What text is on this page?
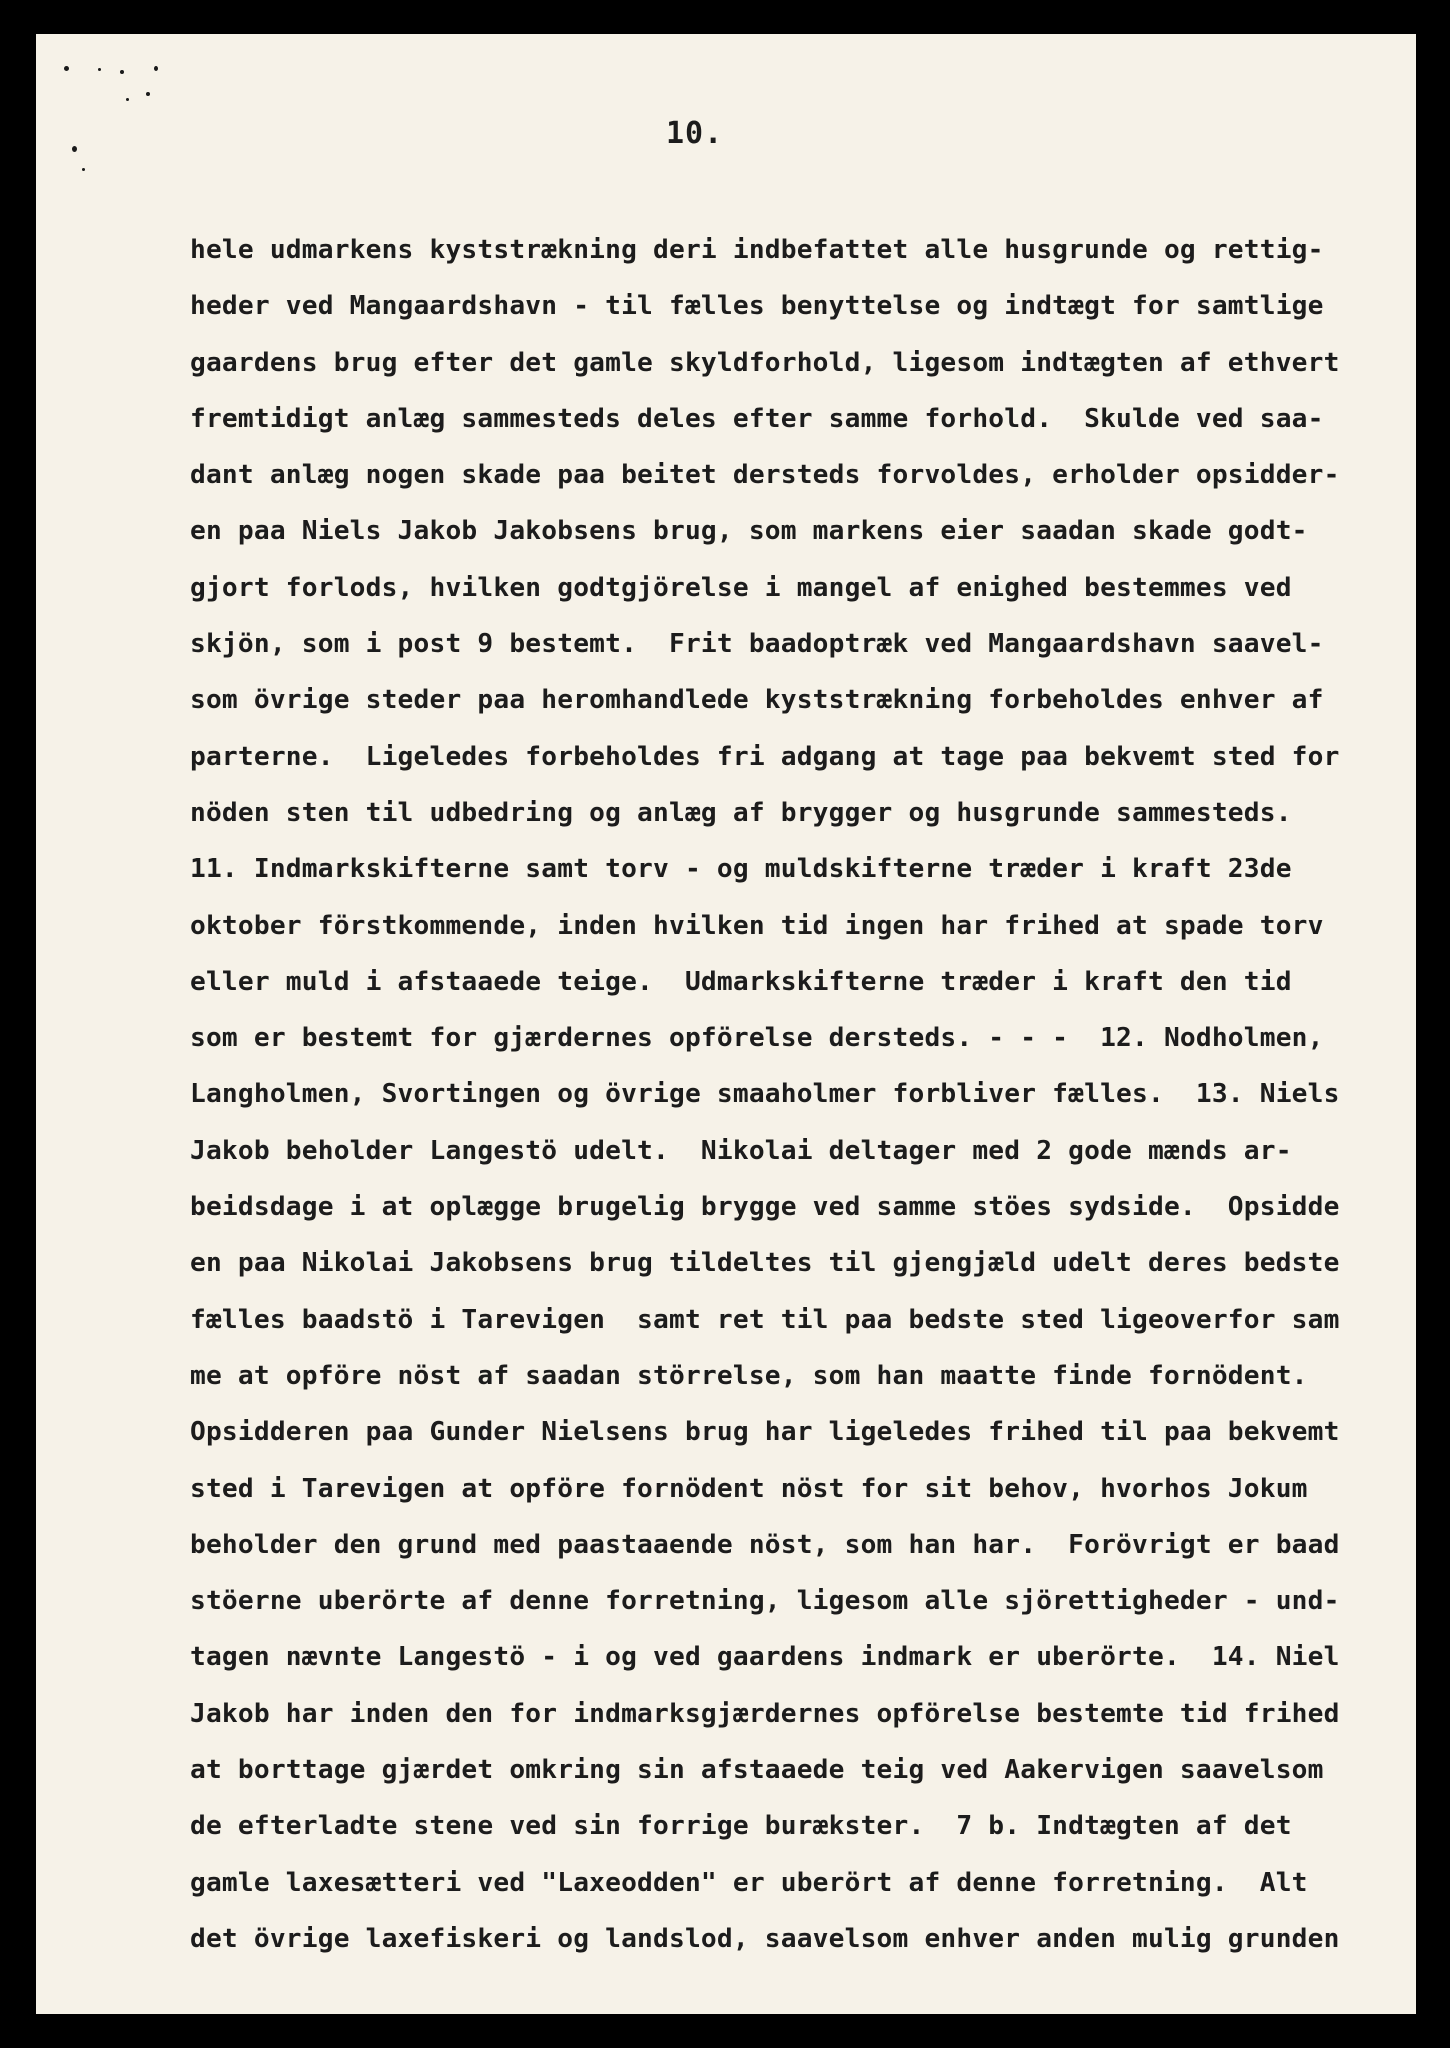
10.
hele udmarkens kyststrækning deri indbefattet alle husgrunde og rettig-
heder ved Mangaardshavn - til fælles benyttelse og indtægt for samtlige
gaardens brug efter det gamle skyldforhold, ligesom indtægten af ethvert
fremtidigt anlæg sammesteds deles efter samme forhold.  Skulde ved saa-
dant anlæg nogen skade paa beitet dersteds forvoldes, erholder opsidder-
en paa Niels Jakob Jakobsens brug, som markens eier saadan skade godt-
gjort forlods, hvilken godtgjörelse i mangel af enighed bestemmes ved
skjön, som i post 9 bestemt.  Frit baadoptræk ved Mangaardshavn saavel-
som övrige steder paa heromhandlede kyststrækning forbeholdes enhver af
parterne.  Ligeledes forbeholdes fri adgang at tage paa bekvemt sted for
nöden sten til udbedring og anlæg af brygger og husgrunde sammesteds.
11. Indmarkskifterne samt torv - og muldskifterne træder i kraft 23de
oktober förstkommende, inden hvilken tid ingen har frihed at spade torv
eller muld i afstaaede teige.  Udmarkskifterne træder i kraft den tid
som er bestemt for gjærdernes opförelse dersteds. - - -  12. Nodholmen,
Langholmen, Svortingen og övrige smaaholmer forbliver fælles.  13. Niels
Jakob beholder Langestö udelt.  Nikolai deltager med 2 gode mænds ar-
beidsdage i at oplægge brugelig brygge ved samme stöes sydside.  Opsidde
en paa Nikolai Jakobsens brug tildeltes til gjengjæld udelt deres bedste
fælles baadstö i Tarevigen  samt ret til paa bedste sted ligeoverfor sam
me at opföre nöst af saadan störrelse, som han maatte finde fornödent.
Opsidderen paa Gunder Nielsens brug har ligeledes frihed til paa bekvemt
sted i Tarevigen at opföre fornödent nöst for sit behov, hvorhos Jokum
beholder den grund med paastaaende nöst, som han har.  Forövrigt er baad
stöerne uberörte af denne forretning, ligesom alle sjörettigheder - und-
tagen nævnte Langestö - i og ved gaardens indmark er uberörte.  14. Niel
Jakob har inden den for indmarksgjærdernes opförelse bestemte tid frihed
at borttage gjærdet omkring sin afstaaede teig ved Aakervigen saavelsom
de efterladte stene ved sin forrige burækster.  7 b. Indtægten af det
gamle laxesætteri ved "Laxeodden" er uberört af denne forretning.  Alt
det övrige laxefiskeri og landslod, saavelsom enhver anden mulig grunden
